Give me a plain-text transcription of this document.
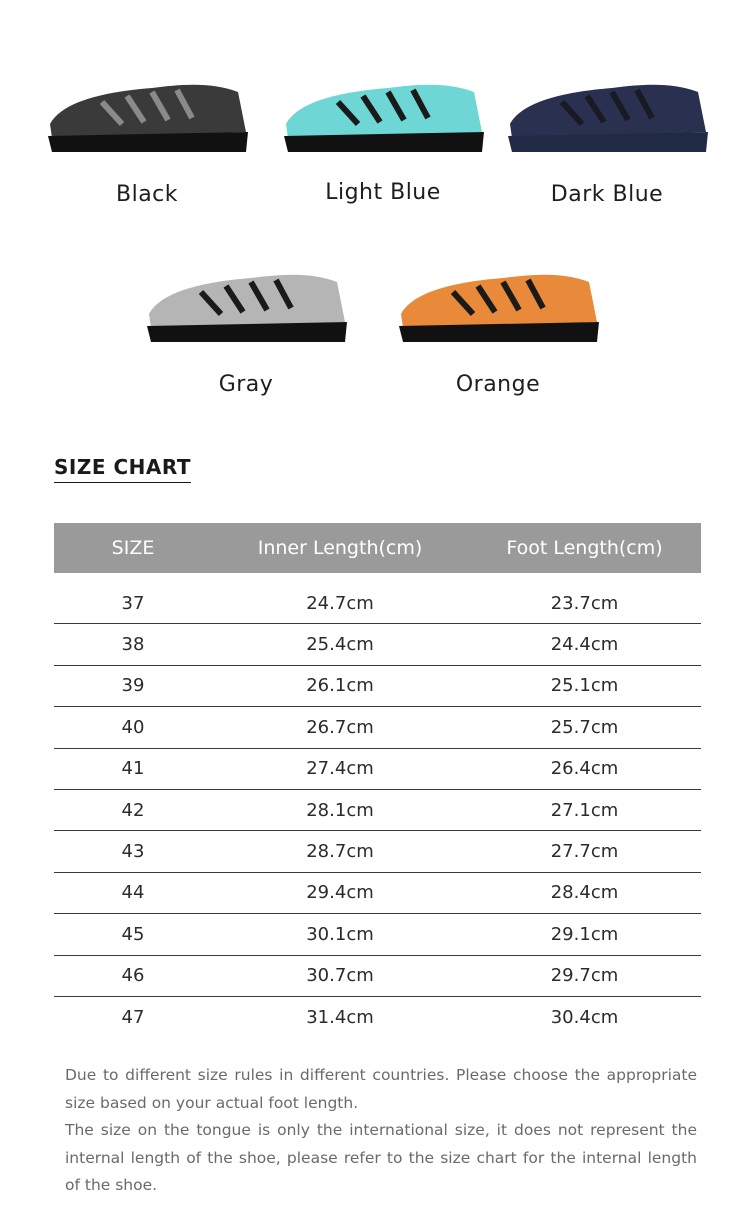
Black	Light Blue	Dark Blue
Gray	Orange
SIZE CHART
SIZE	Inner Length(cm)	Foot Length(cm)
37	24.7cm	23.7cm
38	25.4cm	24.4cm
39	26.1cm	25.1cm
40	26.7cm	25.7cm
41	27.4cm	26.4cm
42	28.1cm	27.1cm
43	28.7cm	27.7cm
44	29.4cm	28.4cm
45	30.1cm	29.1cm
46	30.7cm	29.7cm
47	31.4cm	30.4cm

Due to different size rules in different countries. Please choose the appropriate size based on your actual foot length.

The size on the tongue is only the international size, it does not represent the internal length of the shoe, please refer to the size chart for the internal length of the shoe.
